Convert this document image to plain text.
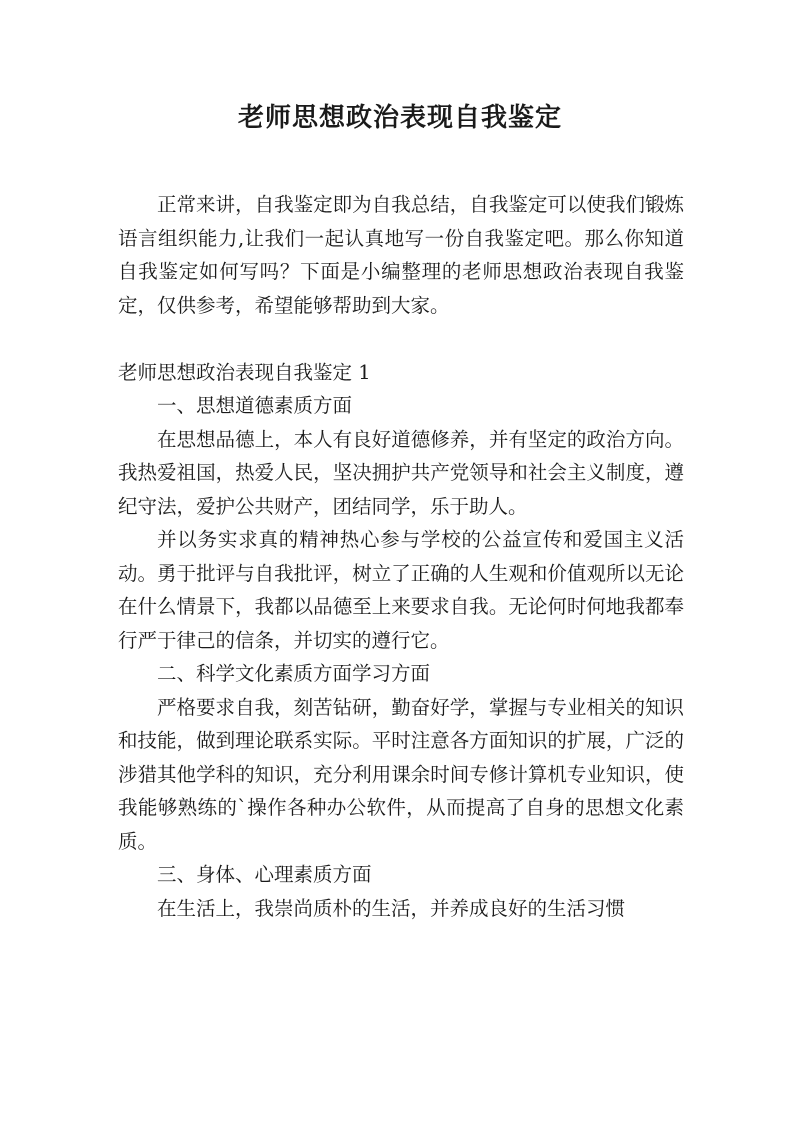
老师思想政治表现自我鉴定

正常来讲，自我鉴定即为自我总结，自我鉴定可以使我们锻炼语言组织能力,让我们一起认真地写一份自我鉴定吧。那么你知道自我鉴定如何写吗？下面是小编整理的老师思想政治表现自我鉴定，仅供参考，希望能够帮助到大家。

老师思想政治表现自我鉴定 1

一、思想道德素质方面

在思想品德上，本人有良好道德修养，并有坚定的政治方向。我热爱祖国，热爱人民，坚决拥护共产党领导和社会主义制度，遵纪守法，爱护公共财产，团结同学，乐于助人。

并以务实求真的精神热心参与学校的公益宣传和爱国主义活动。勇于批评与自我批评，树立了正确的人生观和价值观所以无论在什么情景下，我都以品德至上来要求自我。无论何时何地我都奉行严于律己的信条，并切实的遵行它。

二、科学文化素质方面学习方面

严格要求自我，刻苦钻研，勤奋好学，掌握与专业相关的知识和技能，做到理论联系实际。平时注意各方面知识的扩展，广泛的涉猎其他学科的知识，充分利用课余时间专修计算机专业知识，使我能够熟练的`操作各种办公软件，从而提高了自身的思想文化素质。

三、身体、心理素质方面

在生活上，我崇尚质朴的生活，并养成良好的生活习惯
